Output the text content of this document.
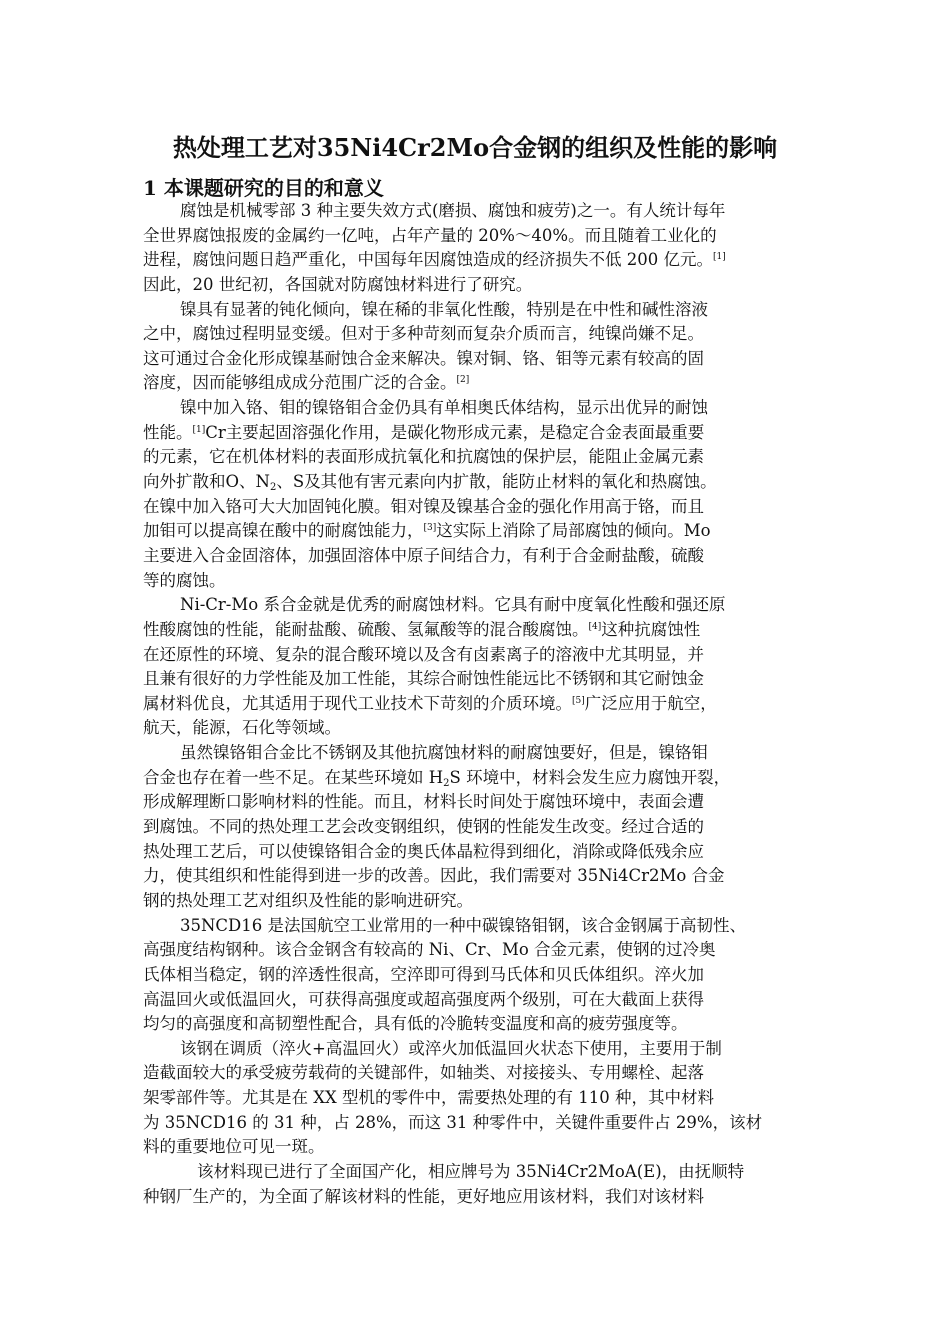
热处理工艺对35Ni4Cr2Mo合金钢的组织及性能的影响
1 本课题研究的目的和意义
腐蚀是机械零部 3 种主要失效方式(磨损、腐蚀和疲劳)之一。有人统计每年
全世界腐蚀报废的金属约一亿吨，占年产量的 20%～40%。而且随着工业化的
进程，腐蚀问题日趋严重化，中国每年因腐蚀造成的经济损失不低 200 亿元。[1]
因此，20 世纪初，各国就对防腐蚀材料进行了研究。
镍具有显著的钝化倾向，镍在稀的非氧化性酸，特别是在中性和碱性溶液
之中，腐蚀过程明显变缓。但对于多种苛刻而复杂介质而言，纯镍尚嫌不足。
这可通过合金化形成镍基耐蚀合金来解决。镍对铜、铬、钼等元素有较高的固
溶度，因而能够组成成分范围广泛的合金。[2]
镍中加入铬、钼的镍铬钼合金仍具有单相奥氏体结构，显示出优异的耐蚀
性能。[1]Cr主要起固溶强化作用，是碳化物形成元素，是稳定合金表面最重要
的元素，它在机体材料的表面形成抗氧化和抗腐蚀的保护层，能阻止金属元素
向外扩散和O、$N_2$、S及其他有害元素向内扩散，能防止材料的氧化和热腐蚀。
在镍中加入铬可大大加固钝化膜。钼对镍及镍基合金的强化作用高于铬，而且
加钼可以提高镍在酸中的耐腐蚀能力，[3]这实际上消除了局部腐蚀的倾向。Mo
主要进入合金固溶体，加强固溶体中原子间结合力，有利于合金耐盐酸，硫酸
等的腐蚀。
Ni-Cr-Mo 系合金就是优秀的耐腐蚀材料。它具有耐中度氧化性酸和强还原
性酸腐蚀的性能，能耐盐酸、硫酸、氢氟酸等的混合酸腐蚀。[4]这种抗腐蚀性
在还原性的环境、复杂的混合酸环境以及含有卤素离子的溶液中尤其明显，并
且兼有很好的力学性能及加工性能，其综合耐蚀性能远比不锈钢和其它耐蚀金
属材料优良，尤其适用于现代工业技术下苛刻的介质环境。[5]广泛应用于航空，
航天，能源，石化等领域。
虽然镍铬钼合金比不锈钢及其他抗腐蚀材料的耐腐蚀要好，但是，镍铬钼
合金也存在着一些不足。在某些环境如 $H_2S$ 环境中，材料会发生应力腐蚀开裂，
形成解理断口影响材料的性能。而且，材料长时间处于腐蚀环境中，表面会遭
到腐蚀。不同的热处理工艺会改变钢组织，使钢的性能发生改变。经过合适的
热处理工艺后，可以使镍铬钼合金的奥氏体晶粒得到细化，消除或降低残余应
力，使其组织和性能得到进一步的改善。因此，我们需要对 35Ni4Cr2Mo 合金
钢的热处理工艺对组织及性能的影响进研究。
35NCD16 是法国航空工业常用的一种中碳镍铬钼钢，该合金钢属于高韧性、
高强度结构钢种。该合金钢含有较高的 Ni、Cr、Mo 合金元素，使钢的过冷奥
氏体相当稳定，钢的淬透性很高，空淬即可得到马氏体和贝氏体组织。淬火加
高温回火或低温回火，可获得高强度或超高强度两个级别，可在大截面上获得
均匀的高强度和高韧塑性配合，具有低的冷脆转变温度和高的疲劳强度等。
该钢在调质（淬火+高温回火）或淬火加低温回火状态下使用，主要用于制
造截面较大的承受疲劳载荷的关键部件，如轴类、对接接头、专用螺栓、起落
架零部件等。尤其是在 XX 型机的零件中，需要热处理的有 110 种，其中材料
为 35NCD16 的 31 种，占 28%，而这 31 种零件中，关键件重要件占 29%，该材
料的重要地位可见一斑。
该材料现已进行了全面国产化，相应牌号为 35Ni4Cr2MoA(E)，由抚顺特
种钢厂生产的，为全面了解该材料的性能，更好地应用该材料，我们对该材料
